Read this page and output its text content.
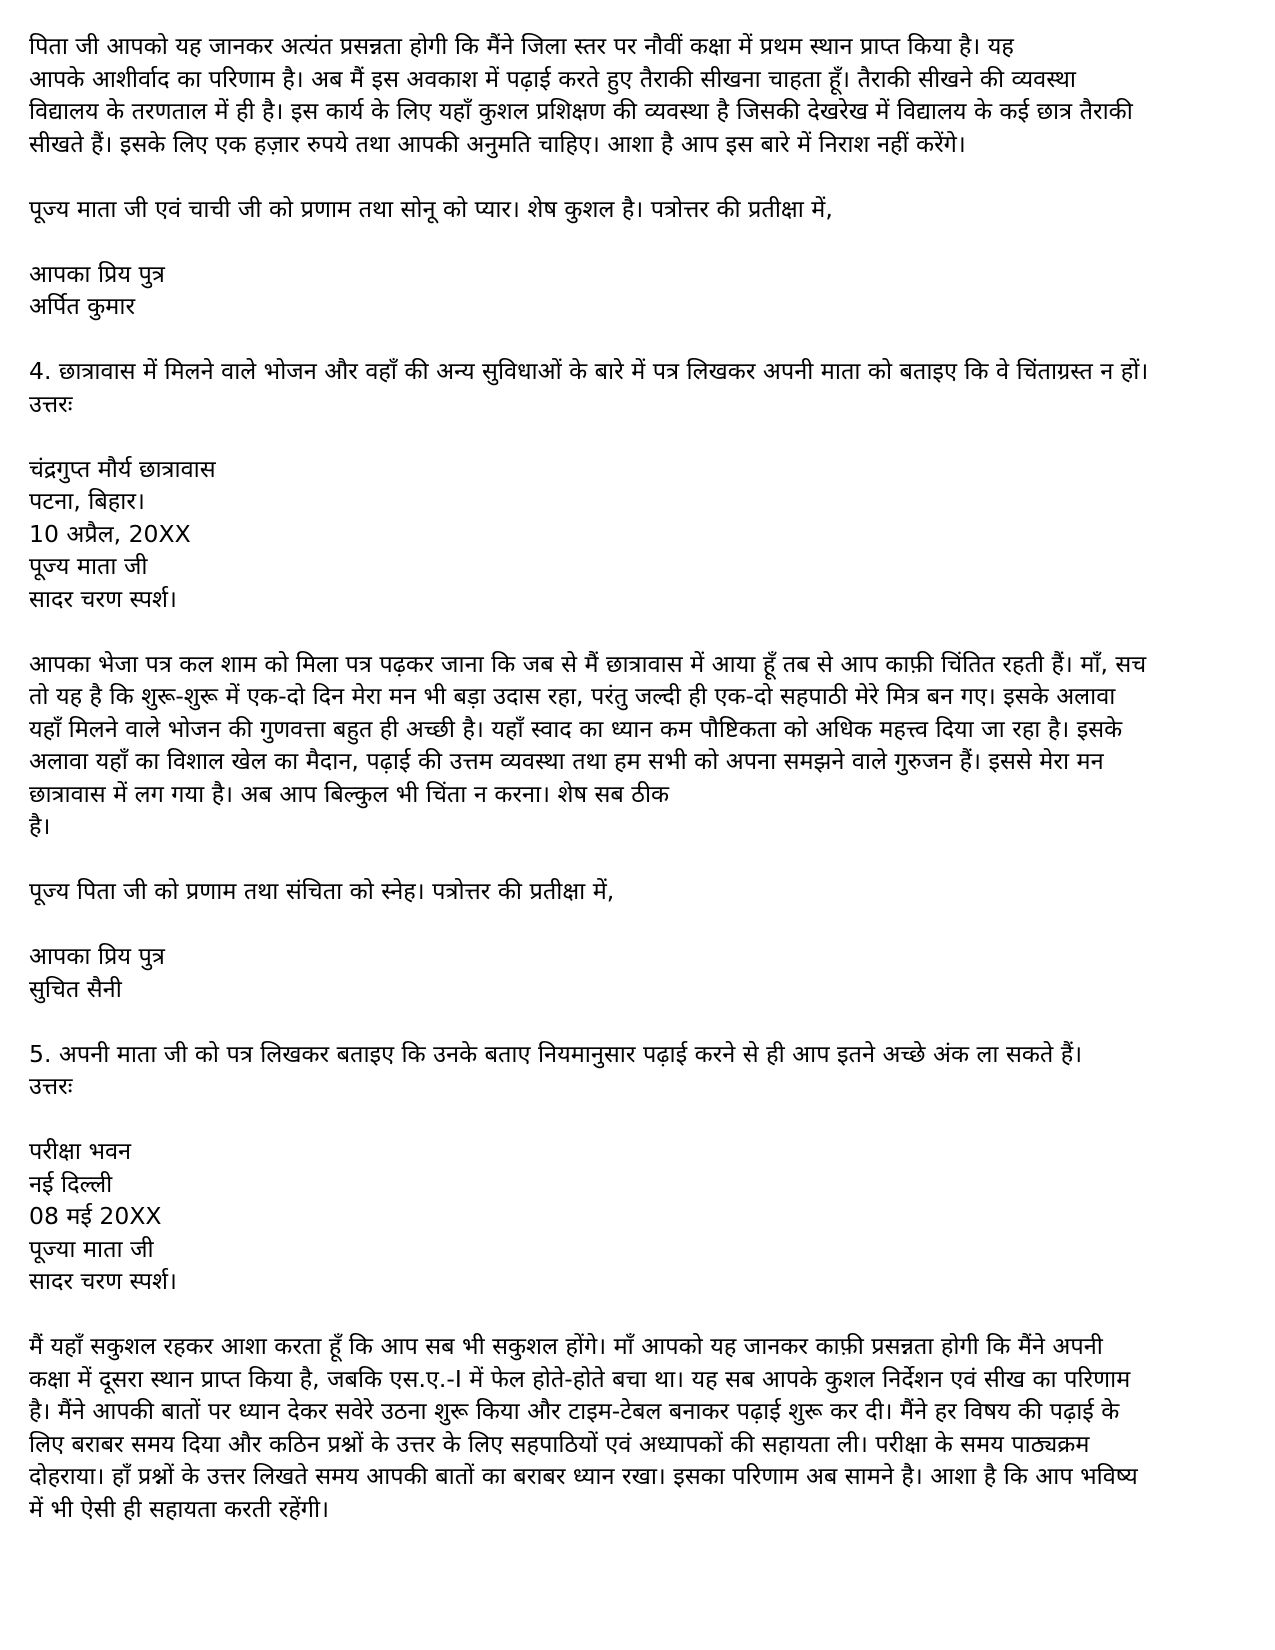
पिता जी आपको यह जानकर अत्यंत प्रसन्नता होगी कि मैंने जिला स्तर पर नौवीं कक्षा में प्रथम स्थान प्राप्त किया है। यह
आपके आशीर्वाद का परिणाम है। अब मैं इस अवकाश में पढ़ाई करते हुए तैराकी सीखना चाहता हूँ। तैराकी सीखने की व्यवस्था
विद्यालय के तरणताल में ही है। इस कार्य के लिए यहाँ कुशल प्रशिक्षण की व्यवस्था है जिसकी देखरेख में विद्यालय के कई छात्र तैराकी
सीखते हैं। इसके लिए एक हज़ार रुपये तथा आपकी अनुमति चाहिए। आशा है आप इस बारे में निराश नहीं करेंगे।
पूज्य माता जी एवं चाची जी को प्रणाम तथा सोनू को प्यार। शेष कुशल है। पत्रोत्तर की प्रतीक्षा में,
आपका प्रिय पुत्र
अर्पित कुमार
4. छात्रावास में मिलने वाले भोजन और वहाँ की अन्य सुविधाओं के बारे में पत्र लिखकर अपनी माता को बताइए कि वे चिंताग्रस्त न हों।
उत्तरः
चंद्रगुप्त मौर्य छात्रावास
पटना, बिहार।
10 अप्रैल, 20XX
पूज्य माता जी
सादर चरण स्पर्श।
आपका भेजा पत्र कल शाम को मिला पत्र पढ़कर जाना कि जब से मैं छात्रावास में आया हूँ तब से आप काफ़ी चिंतित रहती हैं। माँ, सच
तो यह है कि शुरू-शुरू में एक-दो दिन मेरा मन भी बड़ा उदास रहा, परंतु जल्दी ही एक-दो सहपाठी मेरे मित्र बन गए। इसके अलावा
यहाँ मिलने वाले भोजन की गुणवत्ता बहुत ही अच्छी है। यहाँ स्वाद का ध्यान कम पौष्टिकता को अधिक महत्त्व दिया जा रहा है। इसके
अलावा यहाँ का विशाल खेल का मैदान, पढ़ाई की उत्तम व्यवस्था तथा हम सभी को अपना समझने वाले गुरुजन हैं। इससे मेरा मन
छात्रावास में लग गया है। अब आप बिल्कुल भी चिंता न करना। शेष सब ठीक
है।
पूज्य पिता जी को प्रणाम तथा संचिता को स्नेह। पत्रोत्तर की प्रतीक्षा में,
आपका प्रिय पुत्र
सुचित सैनी
5. अपनी माता जी को पत्र लिखकर बताइए कि उनके बताए नियमानुसार पढ़ाई करने से ही आप इतने अच्छे अंक ला सकते हैं।
उत्तरः
परीक्षा भवन
नई दिल्ली
08 मई 20XX
पूज्या माता जी
सादर चरण स्पर्श।
मैं यहाँ सकुशल रहकर आशा करता हूँ कि आप सब भी सकुशल होंगे। माँ आपको यह जानकर काफ़ी प्रसन्नता होगी कि मैंने अपनी
कक्षा में दूसरा स्थान प्राप्त किया है, जबकि एस.ए.-I में फेल होते-होते बचा था। यह सब आपके कुशल निर्देशन एवं सीख का परिणाम
है। मैंने आपकी बातों पर ध्यान देकर सवेरे उठना शुरू किया और टाइम-टेबल बनाकर पढ़ाई शुरू कर दी। मैंने हर विषय की पढ़ाई के
लिए बराबर समय दिया और कठिन प्रश्नों के उत्तर के लिए सहपाठियों एवं अध्यापकों की सहायता ली। परीक्षा के समय पाठ्यक्रम
दोहराया। हाँ प्रश्नों के उत्तर लिखते समय आपकी बातों का बराबर ध्यान रखा। इसका परिणाम अब सामने है। आशा है कि आप भविष्य
में भी ऐसी ही सहायता करती रहेंगी।
